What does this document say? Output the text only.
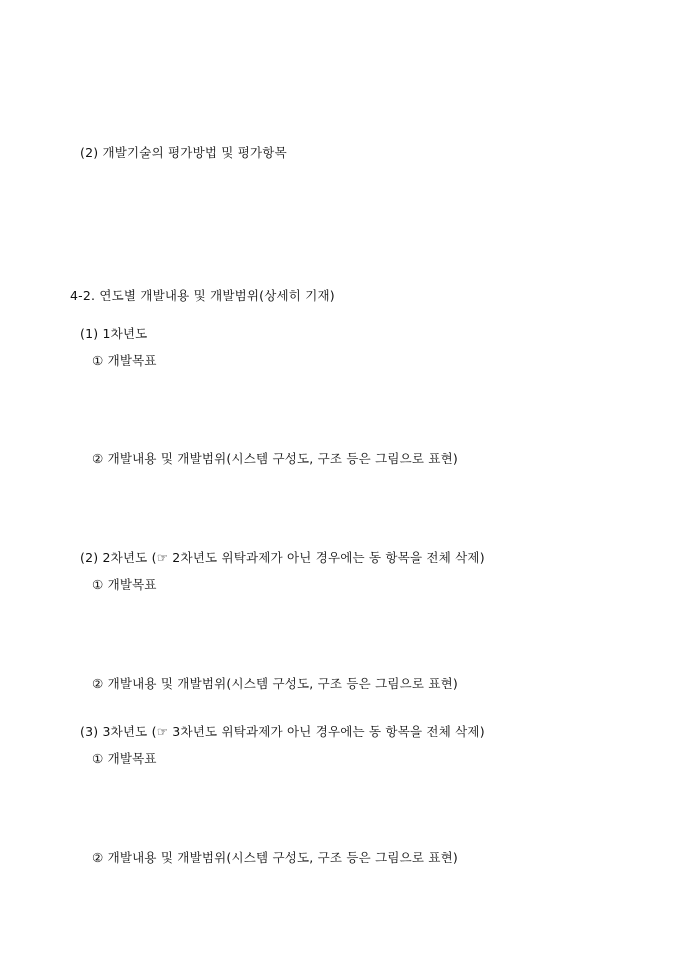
(2) 개발기술의 평가방법 및 평가항목
4-2. 연도별 개발내용 및 개발범위(상세히 기재)
(1) 1차년도
① 개발목표
② 개발내용 및 개발범위(시스템 구성도, 구조 등은 그림으로 표현)
(2) 2차년도 (☞ 2차년도 위탁과제가 아닌 경우에는 동 항목을 전체 삭제)
① 개발목표
② 개발내용 및 개발범위(시스템 구성도, 구조 등은 그림으로 표현)
(3) 3차년도 (☞ 3차년도 위탁과제가 아닌 경우에는 동 항목을 전체 삭제)
① 개발목표
② 개발내용 및 개발범위(시스템 구성도, 구조 등은 그림으로 표현)
